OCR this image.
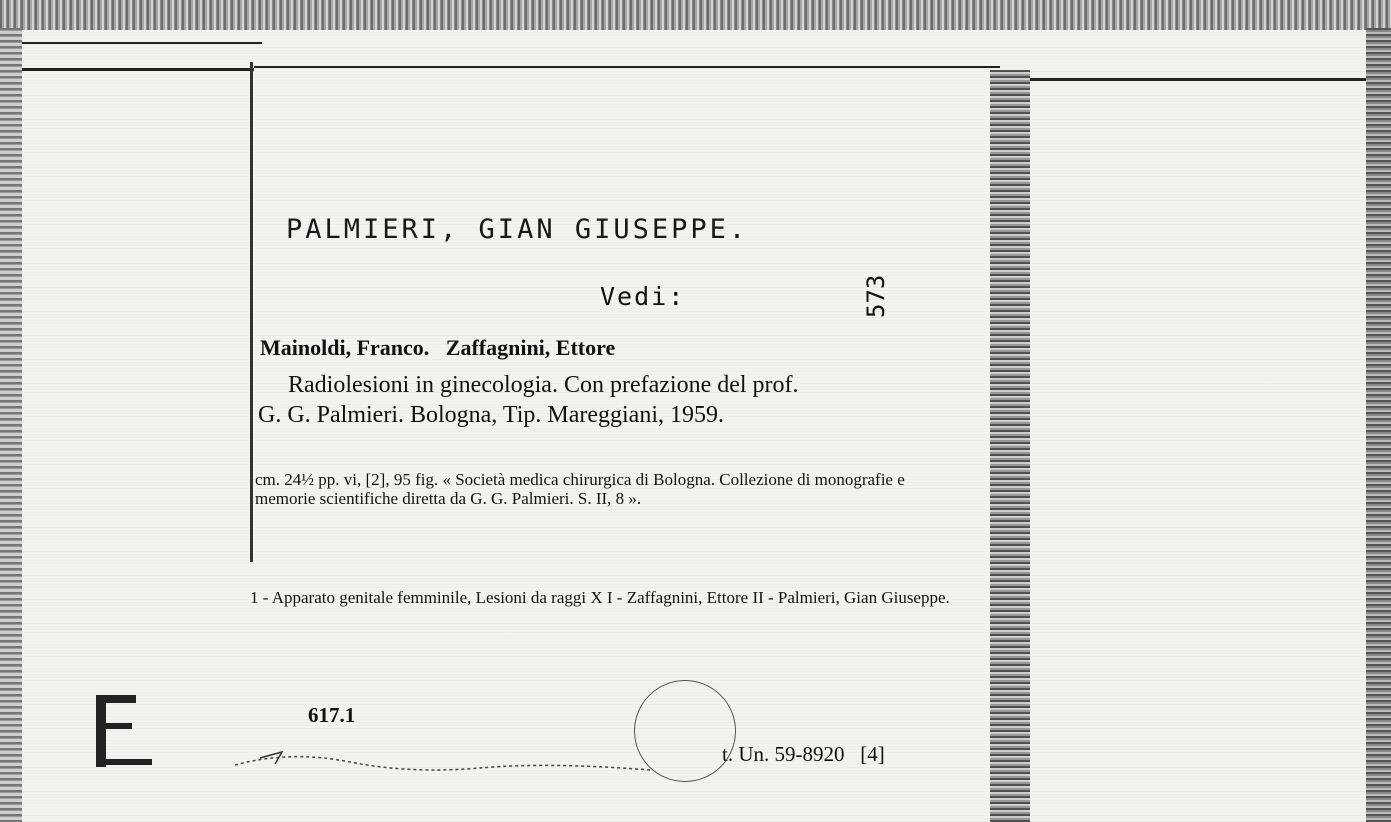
PALMIERI, GIAN GIUSEPPE.
Vedi:	573
Mainoldi, Franco.   Zaffagnini, Ettore
Radiolesioni in ginecologia. Con prefazione del prof.
G. G. Palmieri. Bologna, Tip. Mareggiani, 1959.
cm. 24½ pp. vi, [2], 95 fig. « Società medica chirurgica di Bologna. Collezione di monografie e memorie scientifiche diretta da G. G. Palmieri. S. II, 8 ».
1 - Apparato genitale femminile, Lesioni da raggi X I - Zaffagnini, Ettore II - Palmieri, Gian Giuseppe.
617.1
t. Un. 59-8920   [4]
